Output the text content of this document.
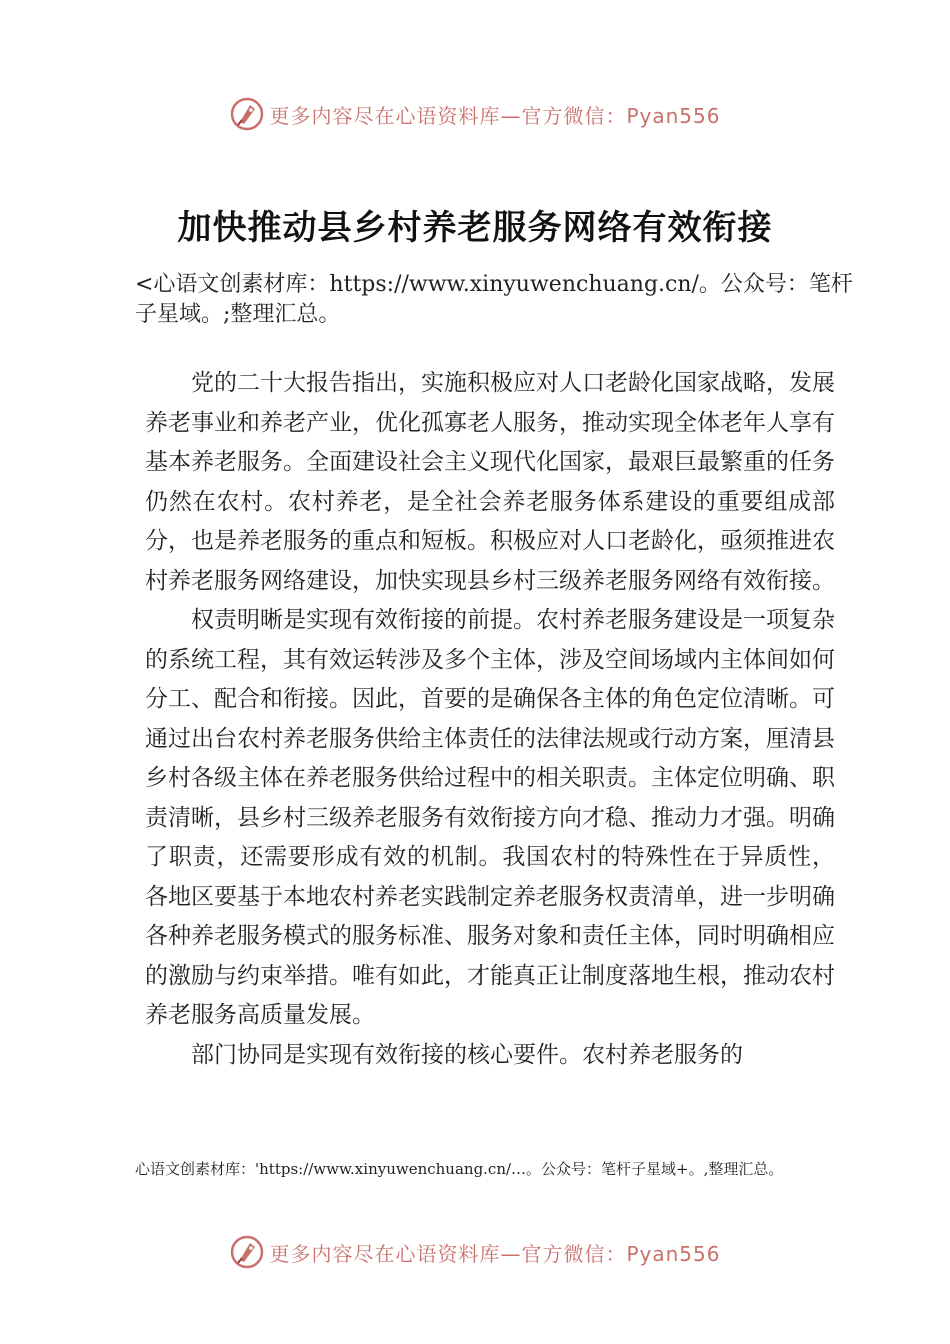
更多内容尽在心语资料库—官方微信：Pyan556
加快推动县乡村养老服务网络有效衔接

<心语文创素材库：https://www.xinyuwenchuang.cn/。公众号：笔杆子星域。;整理汇总。

党的二十大报告指出，实施积极应对人口老龄化国家战略，发展养老事业和养老产业，优化孤寡老人服务，推动实现全体老年人享有基本养老服务。全面建设社会主义现代化国家，最艰巨最繁重的任务仍然在农村。农村养老，是全社会养老服务体系建设的重要组成部分，也是养老服务的重点和短板。积极应对人口老龄化，亟须推进农村养老服务网络建设，加快实现县乡村三级养老服务网络有效衔接。

权责明晰是实现有效衔接的前提。农村养老服务建设是一项复杂的系统工程，其有效运转涉及多个主体，涉及空间场域内主体间如何分工、配合和衔接。因此，首要的是确保各主体的角色定位清晰。可通过出台农村养老服务供给主体责任的法律法规或行动方案，厘清县乡村各级主体在养老服务供给过程中的相关职责。主体定位明确、职责清晰，县乡村三级养老服务有效衔接方向才稳、推动力才强。明确了职责，还需要形成有效的机制。我国农村的特殊性在于异质性， 各地区要基于本地农村养老实践制定养老服务权责清单，进一步明确各种养老服务模式的服务标准、服务对象和责任主体，同时明确相应的激励与约束举措。唯有如此，才能真正让制度落地生根，推动农村养老服务高质量发展。

部门协同是实现有效衔接的核心要件。农村养老服务的

心语文创素材库：'https://www.xinyuwenchuang.cn/…。公众号：笔杆子星域+。,整理汇总。

更多内容尽在心语资料库—官方微信：Pyan556
